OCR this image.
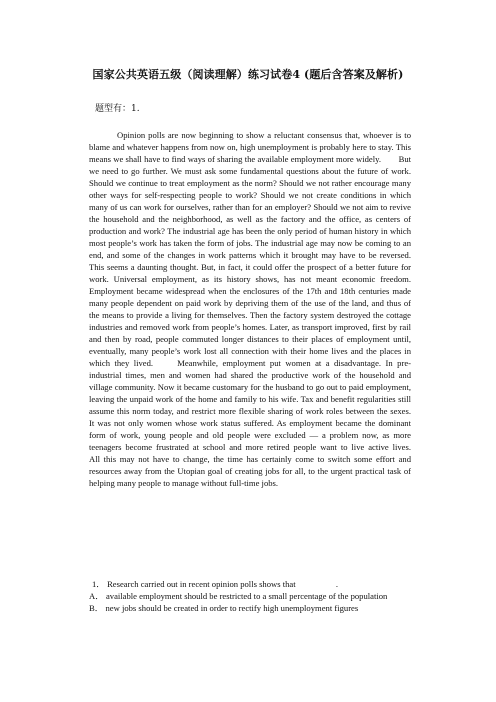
国家公共英语五级（阅读理解）练习试卷4 (题后含答案及解析)
题型有：1.

Opinion polls are now beginning to show a reluctant consensus that, whoever is to blame and whatever happens from now on, high unemployment is probably here to stay. This means we shall have to find ways of sharing the available employment more widely.　　But we need to go further. We must ask some fundamental questions about the future of work. Should we continue to treat employment as the norm? Should we not rather encourage many other ways for self-respecting people to work? Should we not create conditions in which many of us can work for ourselves, rather than for an employer? Should we not aim to revive the household and the neighborhood, as well as the factory and the office, as centers of production and work? The industrial age has been the only period of human history in which most people’s work has taken the form of jobs. The industrial age may now be coming to an end, and some of the changes in work patterns which it brought may have to be reversed. This seems a daunting thought. But, in fact, it could offer the prospect of a better future for work. Universal employment, as its history shows, has not meant economic freedom.　　Employment became widespread when the enclosures of the 17th and 18th centuries made many people dependent on paid work by depriving them of the use of the land, and thus of the means to provide a living for themselves. Then the factory system destroyed the cottage industries and removed work from people’s homes. Later, as transport improved, first by rail and then by road, people commuted longer distances to their places of employment until, eventually, many people’s work lost all connection with their home lives and the places in which they lived.　　Meanwhile, employment put women at a disadvantage. In pre-industrial times, men and women had shared the productive work of the household and village community. Now it became customary for the husband to go out to paid employment, leaving the unpaid work of the home and family to his wife. Tax and benefit regularities still assume this norm today, and restrict more flexible sharing of work roles between the sexes.　　It was not only women whose work status suffered. As employment became the dominant form of work, young people and old people were excluded — a problem now, as more teenagers become frustrated at school and more retired people want to live active lives.　　All this may not have to change, the time has certainly come to switch some effort and resources away from the Utopian goal of creating jobs for all, to the urgent practical task of helping many people to manage without full-time jobs.

1． Research carried out in recent opinion polls shows that	.

A． available employment should be restricted to a small percentage of the population

B． new jobs should be created in order to rectify high unemployment figures
